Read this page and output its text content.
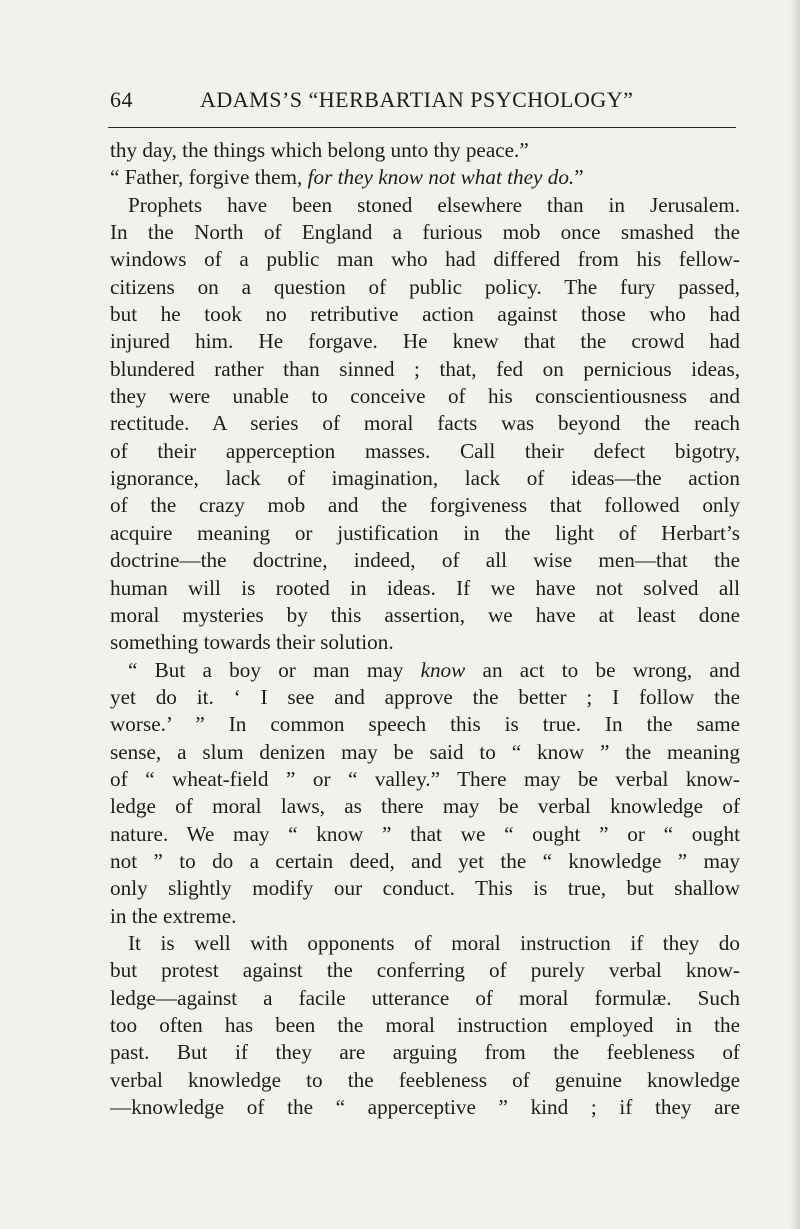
64	ADAMS’S “HERBARTIAN PSYCHOLOGY”
thy day, the things which belong unto thy peace.”
“ Father, forgive them, for they know not what they do.”
Prophets have been stoned elsewhere than in Jerusalem.
In the North of England a furious mob once smashed the
windows of a public man who had differed from his fellow-
citizens on a question of public policy. The fury passed,
but he took no retributive action against those who had
injured him. He forgave. He knew that the crowd had
blundered rather than sinned ; that, fed on pernicious ideas,
they were unable to conceive of his conscientiousness and
rectitude. A series of moral facts was beyond the reach
of their apperception masses. Call their defect bigotry,
ignorance, lack of imagination, lack of ideas—the action
of the crazy mob and the forgiveness that followed only
acquire meaning or justification in the light of Herbart’s
doctrine—the doctrine, indeed, of all wise men—that the
human will is rooted in ideas. If we have not solved all
moral mysteries by this assertion, we have at least done
something towards their solution.
“ But a boy or man may know an act to be wrong, and
yet do it. ‘ I see and approve the better ; I follow the
worse.’ ” In common speech this is true. In the same
sense, a slum denizen may be said to “ know ” the meaning
of “ wheat-field ” or “ valley.” There may be verbal know-
ledge of moral laws, as there may be verbal knowledge of
nature. We may “ know ” that we “ ought ” or “ ought
not ” to do a certain deed, and yet the “ knowledge ” may
only slightly modify our conduct. This is true, but shallow
in the extreme.
It is well with opponents of moral instruction if they do
but protest against the conferring of purely verbal know-
ledge—against a facile utterance of moral formulæ. Such
too often has been the moral instruction employed in the
past. But if they are arguing from the feebleness of
verbal knowledge to the feebleness of genuine knowledge
—knowledge of the “ apperceptive ” kind ; if they are
